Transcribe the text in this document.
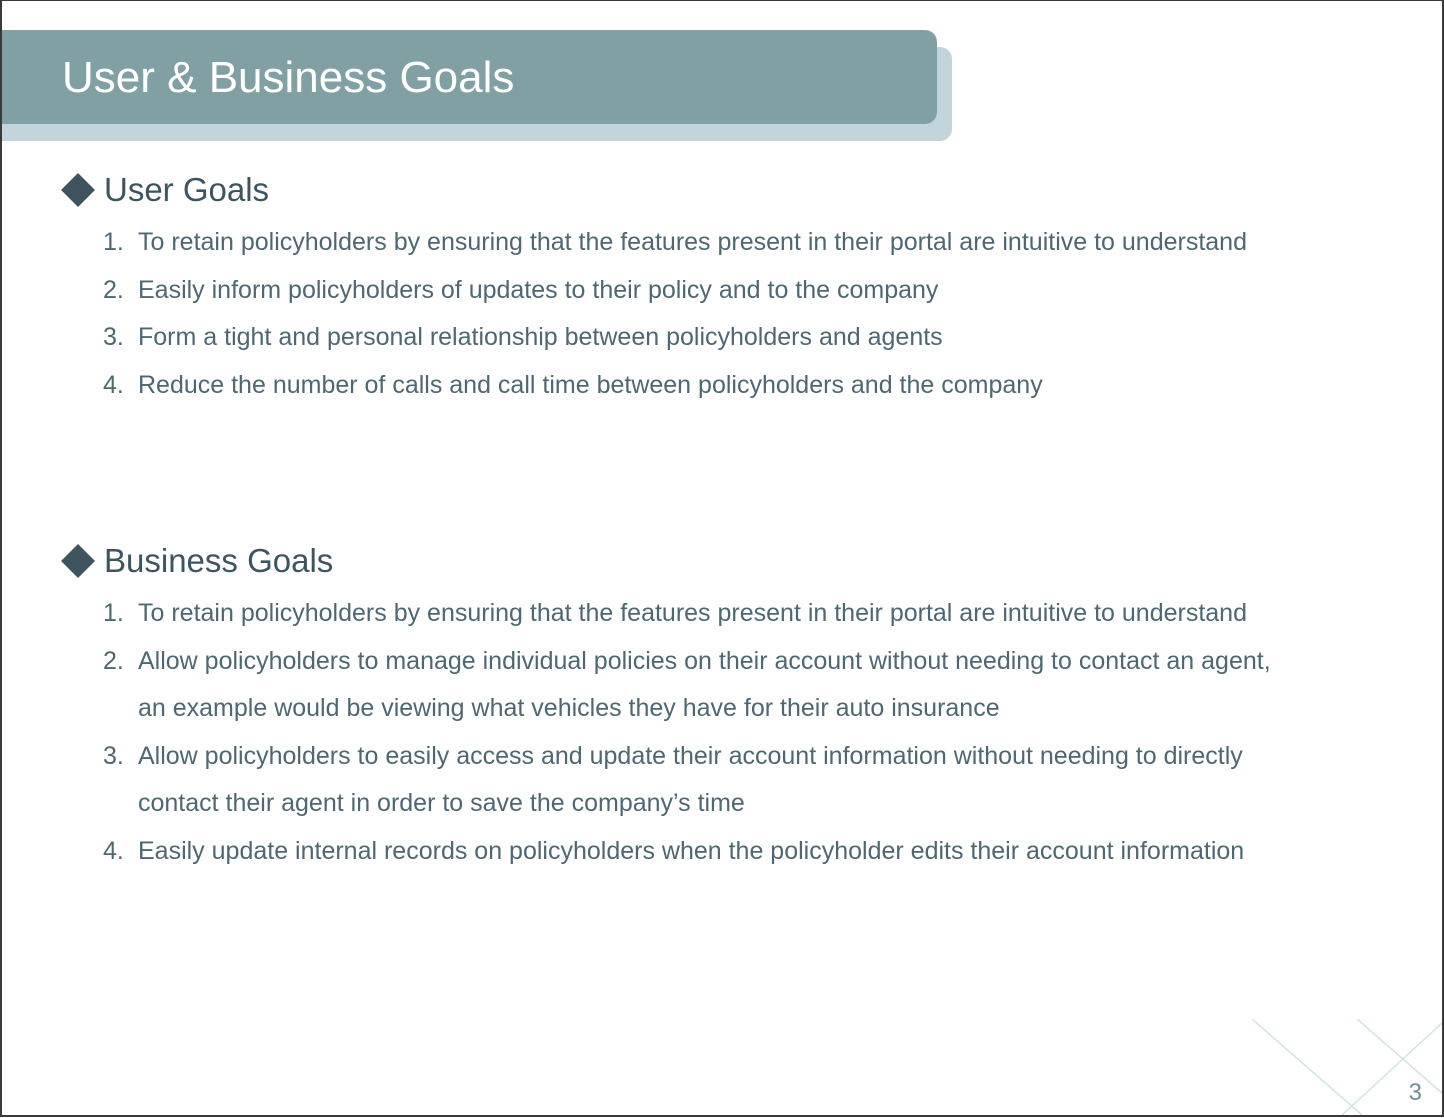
User & Business Goals
User Goals
1. To retain policyholders by ensuring that the features present in their portal are intuitive to understand
2. Easily inform policyholders of updates to their policy and to the company
3. Form a tight and personal relationship between policyholders and agents
4. Reduce the number of calls and call time between policyholders and the company
Business Goals
1. To retain policyholders by ensuring that the features present in their portal are intuitive to understand
2. Allow policyholders to manage individual policies on their account without needing to contact an agent, an example would be viewing what vehicles they have for their auto insurance
3. Allow policyholders to easily access and update their account information without needing to directly contact their agent in order to save the company’s time
4. Easily update internal records on policyholders when the policyholder edits their account information
3
